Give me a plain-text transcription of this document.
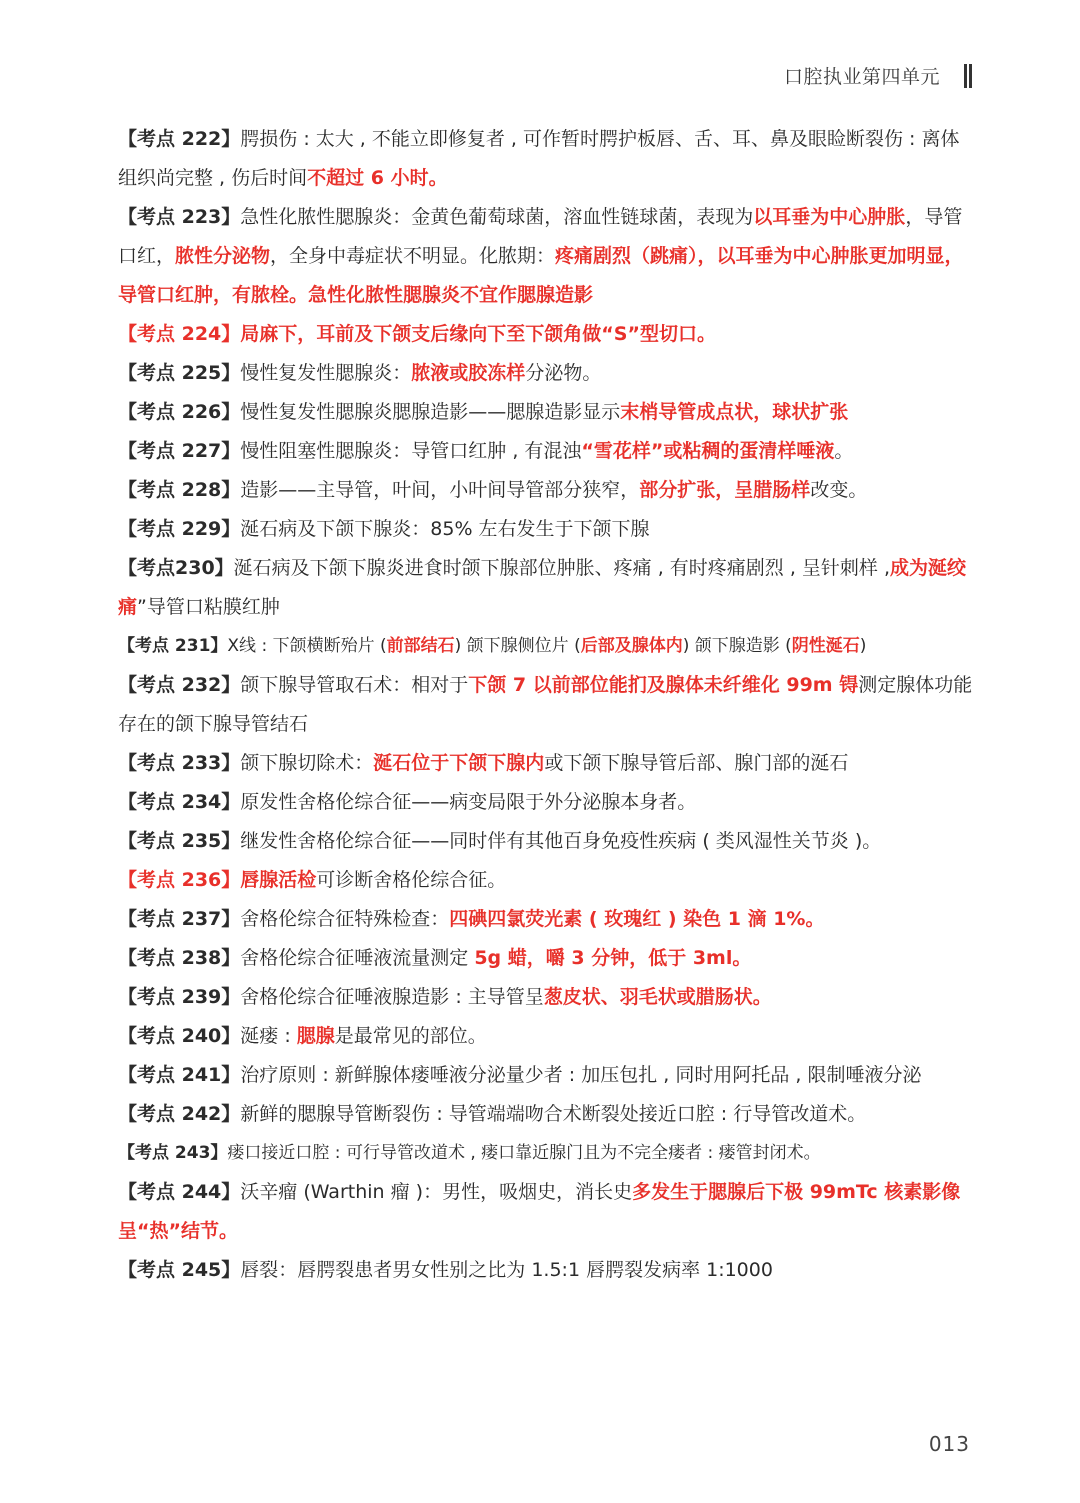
口腔执业第四单元

【考点 222】腭损伤 : 太大 , 不能立即修复者 , 可作暂时腭护板唇、舌、耳、鼻及眼睑断裂伤 : 离体组织尚完整 , 伤后时间不超过 6 小时。

【考点 223】急性化脓性腮腺炎：金黄色葡萄球菌，溶血性链球菌，表现为以耳垂为中心肿胀，导管口红，脓性分泌物，全身中毒症状不明显。化脓期：疼痛剧烈（跳痛），以耳垂为中心肿胀更加明显，导管口红肿，有脓栓。急性化脓性腮腺炎不宜作腮腺造影

【考点 224】局麻下，耳前及下颌支后缘向下至下颌角做“S”型切口。

【考点 225】慢性复发性腮腺炎：脓液或胶冻样分泌物。

【考点 226】慢性复发性腮腺炎腮腺造影——腮腺造影显示末梢导管成点状，球状扩张

【考点 227】慢性阻塞性腮腺炎：导管口红肿 , 有混浊“雪花样”或粘稠的蛋清样唾液。

【考点 228】造影——主导管，叶间，小叶间导管部分狭窄，部分扩张，呈腊肠样改变。

【考点 229】涎石病及下颌下腺炎：85% 左右发生于下颌下腺

【考点230】涎石病及下颌下腺炎进食时颌下腺部位肿胀、疼痛 , 有时疼痛剧烈 , 呈针刺样 ,成为涎绞痛”导管口粘膜红肿

【考点 231】X线 : 下颌横断殆片 (前部结石) 颌下腺侧位片 (后部及腺体内) 颌下腺造影 (阴性涎石)

【考点 232】颌下腺导管取石术：相对于下颌 7 以前部位能扪及腺体未纤维化 99m 锝测定腺体功能存在的颌下腺导管结石

【考点 233】颌下腺切除术：涎石位于下颌下腺内或下颌下腺导管后部、腺门部的涎石

【考点 234】原发性舍格伦综合征——病变局限于外分泌腺本身者。

【考点 235】继发性舍格伦综合征——同时伴有其他百身免疫性疾病 ( 类风湿性关节炎 )。

【考点 236】唇腺活检可诊断舍格伦综合征。

【考点 237】舍格伦综合征特殊检查：四碘四氯荧光素 ( 玫瑰红 ) 染色 1 滴 1%。

【考点 238】舍格伦综合征唾液流量测定 5g 蜡，嚼 3 分钟，低于 3ml。

【考点 239】舍格伦综合征唾液腺造影 : 主导管呈葱皮状、羽毛状或腊肠状。

【考点 240】涎瘘 : 腮腺是最常见的部位。

【考点 241】治疗原则 : 新鲜腺体瘘唾液分泌量少者 : 加压包扎 , 同时用阿托品 , 限制唾液分泌

【考点 242】新鲜的腮腺导管断裂伤 : 导管端端吻合术断裂处接近口腔 : 行导管改道术。

【考点 243】瘘口接近口腔 : 可行导管改道术 , 瘘口靠近腺门且为不完全瘘者 : 瘘管封闭术。

【考点 244】沃辛瘤 (Warthin 瘤 )：男性，吸烟史，消长史多发生于腮腺后下极 99mTc 核素影像呈“热”结节。

【考点 245】唇裂：唇腭裂患者男女性别之比为 1.5:1 唇腭裂发病率 1:1000

013
